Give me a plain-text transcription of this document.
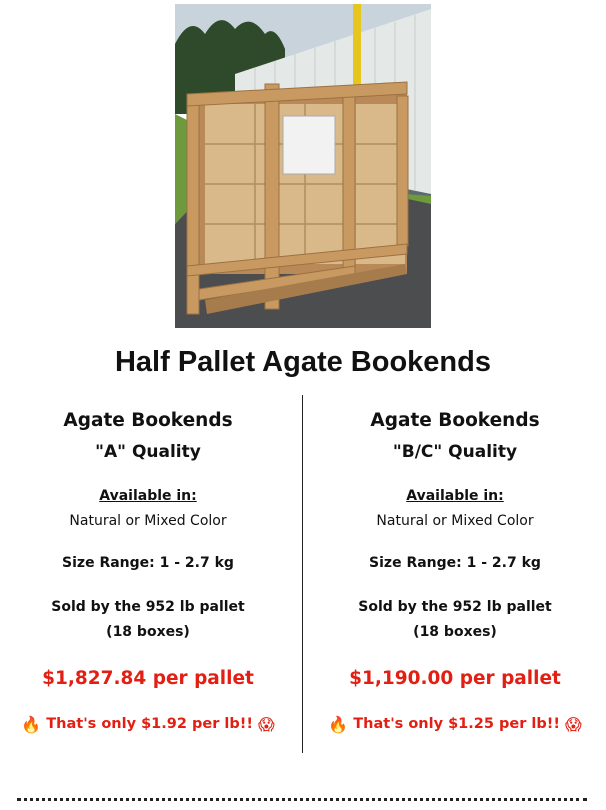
Half Pallet Agate Bookends
Agate Bookends
"A" Quality
Available in:
Natural or Mixed Color
Size Range: 1 - 2.7 kg
Sold by the 952 lb pallet
(18 boxes)
$1,827.84 per pallet
🔥 That's only $1.92 per lb!! 😱
Agate Bookends
"B/C" Quality
Available in:
Natural or Mixed Color
Size Range: 1 - 2.7 kg
Sold by the 952 lb pallet
(18 boxes)
$1,190.00 per pallet
🔥 That's only $1.25 per lb!! 😱
